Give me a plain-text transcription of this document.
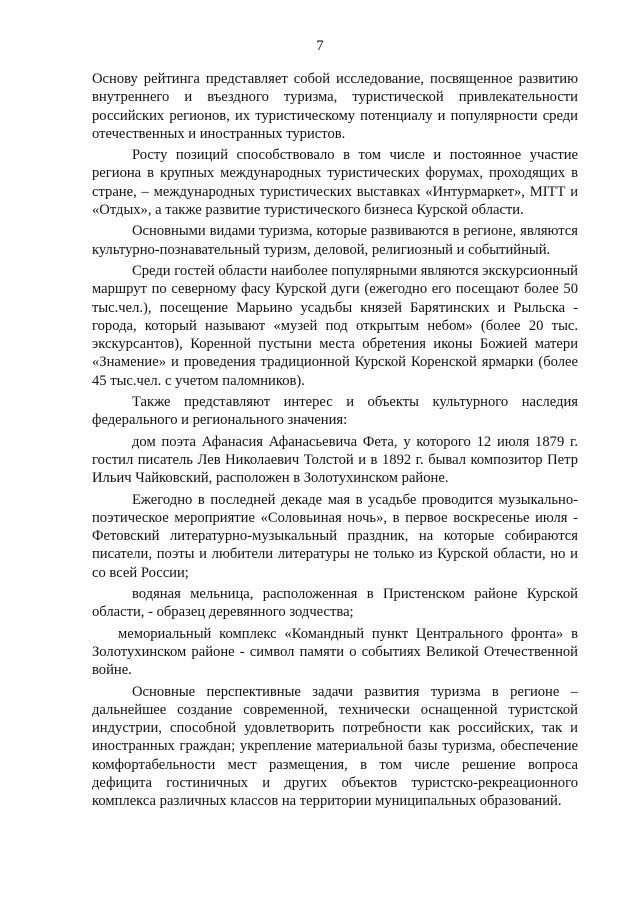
7

Основу рейтинга представляет собой исследование, посвященное развитию внутреннего и въездного туризма, туристической привлекательности российских регионов, их туристическому потенциалу и популярности среди отечественных и иностранных туристов.

Росту позиций способствовало в том числе и постоянное участие региона в крупных международных туристических форумах, проходящих в стране, – международных туристических выставках «Интурмаркет», МІТТ и «Отдых», а также развитие туристического бизнеса Курской области.

Основными видами туризма, которые развиваются в регионе, являются культурно-познавательный туризм, деловой, религиозный и событийный.

Среди гостей области наиболее популярными являются экскурсионный маршрут по северному фасу Курской дуги (ежегодно его посещают более 50 тыс.чел.), посещение Марьино усадьбы князей Барятинских и Рыльска - города, который называют «музей под открытым небом» (более 20 тыс. экскурсантов), Коренной пустыни места обретения иконы Божией матери «Знамение» и проведения традиционной Курской Коренской ярмарки (более 45 тыс.чел. с учетом паломников).

Также представляют интерес и объекты культурного наследия федерального и регионального значения:

дом поэта Афанасия Афанасьевича Фета, у которого 12 июля 1879 г. гостил писатель Лев Николаевич Толстой и в 1892 г. бывал композитор Петр Ильич Чайковский, расположен в Золотухинском районе.

Ежегодно в последней декаде мая в усадьбе проводится музыкально-поэтическое мероприятие «Соловьиная ночь», в первое воскресенье июля - Фетовский литературно-музыкальный праздник, на которые собираются писатели, поэты и любители литературы не только из Курской области, но и со всей России;

водяная мельница, расположенная в Пристенском районе Курской области, - образец деревянного зодчества;

мемориальный комплекс «Командный пункт Центрального фронта» в Золотухинском районе - символ памяти о событиях Великой Отечественной войне.

Основные перспективные задачи развития туризма в регионе – дальнейшее создание современной, технически оснащенной туристской индустрии, способной удовлетворить потребности как российских, так и иностранных граждан; укрепление материальной базы туризма, обеспечение комфортабельности мест размещения, в том числе решение вопроса дефицита гостиничных и других объектов туристско-рекреационного комплекса различных классов на территории муниципальных образований.
